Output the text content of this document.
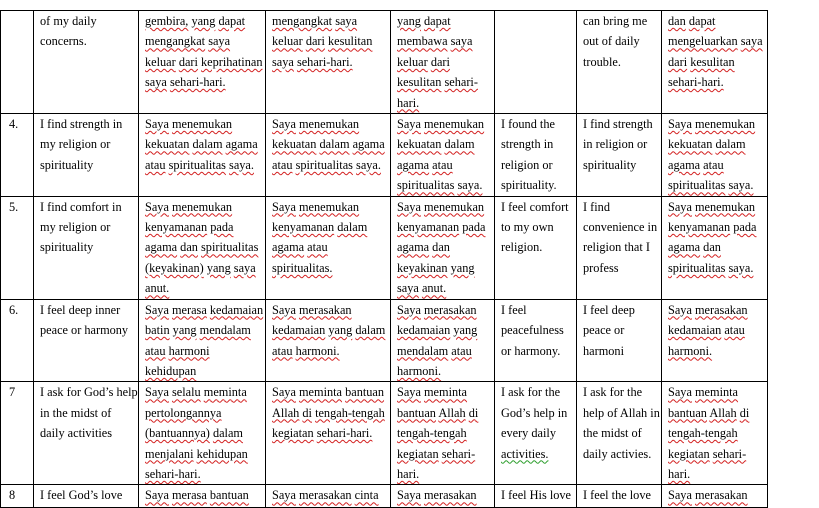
	of my daily
concerns.	gembira, yang dapat
mengangkat saya
keluar dari keprihatinan
saya sehari-hari.	mengangkat saya
keluar dari kesulitan
saya sehari-hari.	yang dapat
membawa saya
keluar dari
kesulitan sehari-
hari.		can bring me
out of daily
trouble.	dan dapat
mengeluarkan saya
dari kesulitan
sehari-hari.

4.	I find strength in
my religion or
spirituality	Saya menemukan
kekuatan dalam agama
atau spiritualitas saya.	Saya menemukan
kekuatan dalam agama
atau spiritualitas saya.	Saya menemukan
kekuatan dalam
agama atau
spiritualitas saya.	I found the
strength in
religion or
spirituality.	I find strength
in religion or
spirituality	Saya menemukan
kekuatan dalam
agama atau
spiritualitas saya.

5.	I find comfort in
my religion or
spirituality	Saya menemukan
kenyamanan pada
agama dan spiritualitas
(keyakinan) yang saya
anut.	Saya menemukan
kenyamanan dalam
agama atau
spiritualitas.	Saya menemukan
kenyamanan pada
agama dan
keyakinan yang
saya anut.	I feel comfort
to my own
religion.	I find
convenience in
religion that I
profess	Saya menemukan
kenyamanan pada
agama dan
spiritualitas saya.

6.	I feel deep inner
peace or harmony	Saya merasa kedamaian
batin yang mendalam
atau harmoni
kehidupan	Saya merasakan
kedamaian yang dalam
atau harmoni.	Saya merasakan
kedamaian yang
mendalam atau
harmoni.	I feel
peacefulness
or harmony.	I feel deep
peace or
harmoni	Saya merasakan
kedamaian atau
harmoni.

7	I ask for God’s help
in the midst of
daily activities	Saya selalu meminta
pertolongannya
(bantuannya) dalam
menjalani kehidupan
sehari-hari.	Saya meminta bantuan
Allah di tengah-tengah
kegiatan sehari-hari.	Saya meminta
bantuan Allah di
tengah-tengah
kegiatan sehari-
hari.	I ask for the
God’s help in
every daily
activities.	I ask for the
help of Allah in
the midst of
daily activies.	Saya meminta
bantuan Allah di
tengah-tengah
kegiatan sehari-
hari.

8	I feel God’s love	Saya merasa bantuan	Saya merasakan cinta	Saya merasakan	I feel His love	I feel the love	Saya merasakan
